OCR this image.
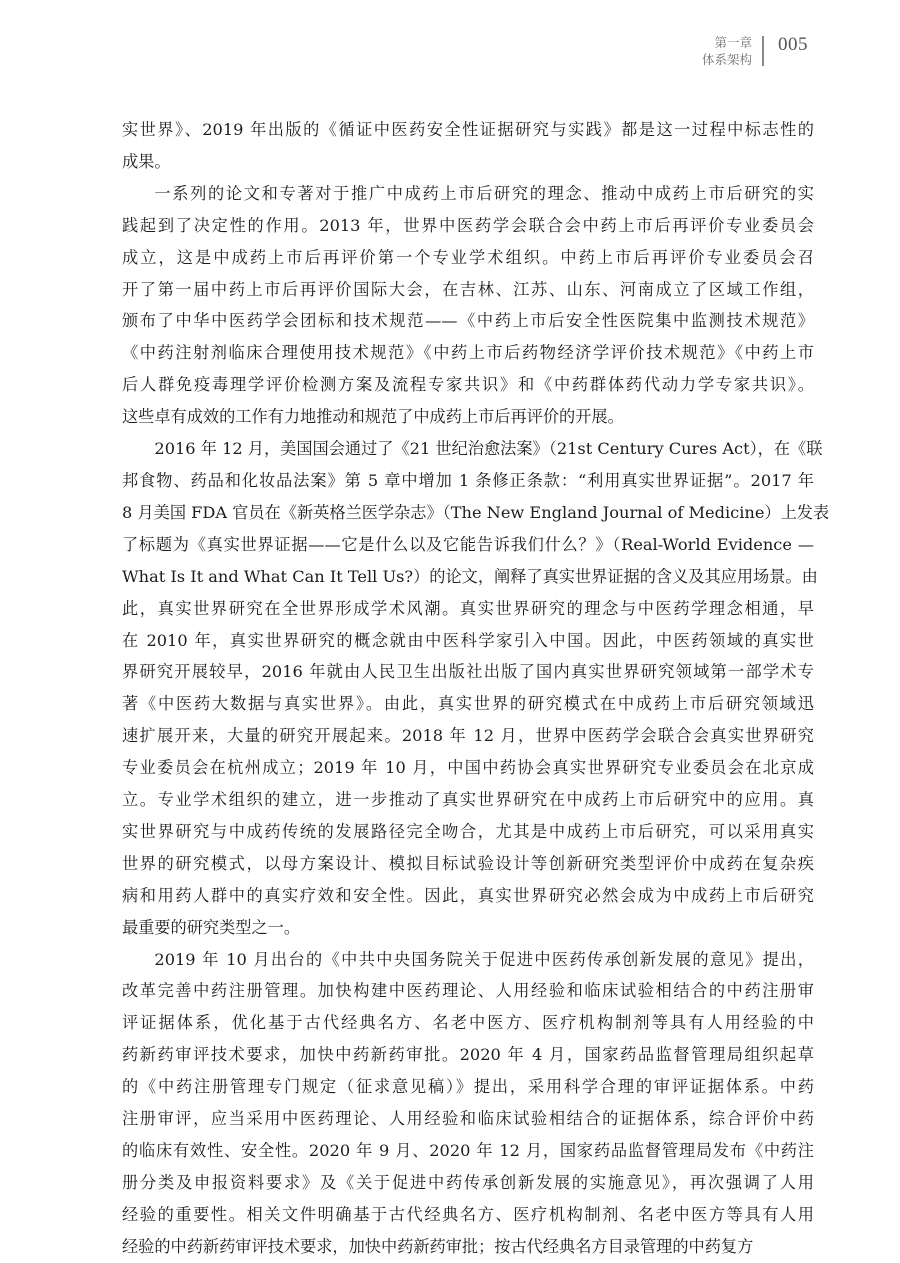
第一章
体系架构
005

实世界》、2019 年出版的《循证中医药安全性证据研究与实践》都是这一过程中标志性的
成果。

一系列的论文和专著对于推广中成药上市后研究的理念、推动中成药上市后研究的实
践起到了决定性的作用。2013 年，世界中医药学会联合会中药上市后再评价专业委员会
成立，这是中成药上市后再评价第一个专业学术组织。中药上市后再评价专业委员会召
开了第一届中药上市后再评价国际大会，在吉林、江苏、山东、河南成立了区域工作组，
颁布了中华中医药学会团标和技术规范——《中药上市后安全性医院集中监测技术规范》
《中药注射剂临床合理使用技术规范》《中药上市后药物经济学评价技术规范》《中药上市
后人群免疫毒理学评价检测方案及流程专家共识》和《中药群体药代动力学专家共识》。
这些卓有成效的工作有力地推动和规范了中成药上市后再评价的开展。

2016 年 12 月，美国国会通过了《21 世纪治愈法案》（21st Century Cures Act），在《联
邦食物、药品和化妆品法案》第 5 章中增加 1 条修正条款：“利用真实世界证据”。2017 年
8 月美国 FDA 官员在《新英格兰医学杂志》（The New England Journal of Medicine）上发表
了标题为《真实世界证据——它是什么以及它能告诉我们什么？》（Real-World Evidence —
What Is It and What Can It Tell Us?）的论文，阐释了真实世界证据的含义及其应用场景。由
此，真实世界研究在全世界形成学术风潮。真实世界研究的理念与中医药学理念相通，早
在 2010 年，真实世界研究的概念就由中医科学家引入中国。因此，中医药领域的真实世
界研究开展较早，2016 年就由人民卫生出版社出版了国内真实世界研究领域第一部学术专
著《中医药大数据与真实世界》。由此，真实世界的研究模式在中成药上市后研究领域迅
速扩展开来，大量的研究开展起来。2018 年 12 月，世界中医药学会联合会真实世界研究
专业委员会在杭州成立；2019 年 10 月，中国中药协会真实世界研究专业委员会在北京成
立。专业学术组织的建立，进一步推动了真实世界研究在中成药上市后研究中的应用。真
实世界研究与中成药传统的发展路径完全吻合，尤其是中成药上市后研究，可以采用真实
世界的研究模式，以母方案设计、模拟目标试验设计等创新研究类型评价中成药在复杂疾
病和用药人群中的真实疗效和安全性。因此，真实世界研究必然会成为中成药上市后研究
最重要的研究类型之一。

2019 年 10 月出台的《中共中央国务院关于促进中医药传承创新发展的意见》提出，
改革完善中药注册管理。加快构建中医药理论、人用经验和临床试验相结合的中药注册审
评证据体系，优化基于古代经典名方、名老中医方、医疗机构制剂等具有人用经验的中
药新药审评技术要求，加快中药新药审批。2020 年 4 月，国家药品监督管理局组织起草
的《中药注册管理专门规定（征求意见稿）》提出，采用科学合理的审评证据体系。中药
注册审评，应当采用中医药理论、人用经验和临床试验相结合的证据体系，综合评价中药
的临床有效性、安全性。2020 年 9 月、2020 年 12 月，国家药品监督管理局发布《中药注
册分类及申报资料要求》及《关于促进中药传承创新发展的实施意见》，再次强调了人用
经验的重要性。相关文件明确基于古代经典名方、医疗机构制剂、名老中医方等具有人用
经验的中药新药审评技术要求，加快中药新药审批；按古代经典名方目录管理的中药复方
